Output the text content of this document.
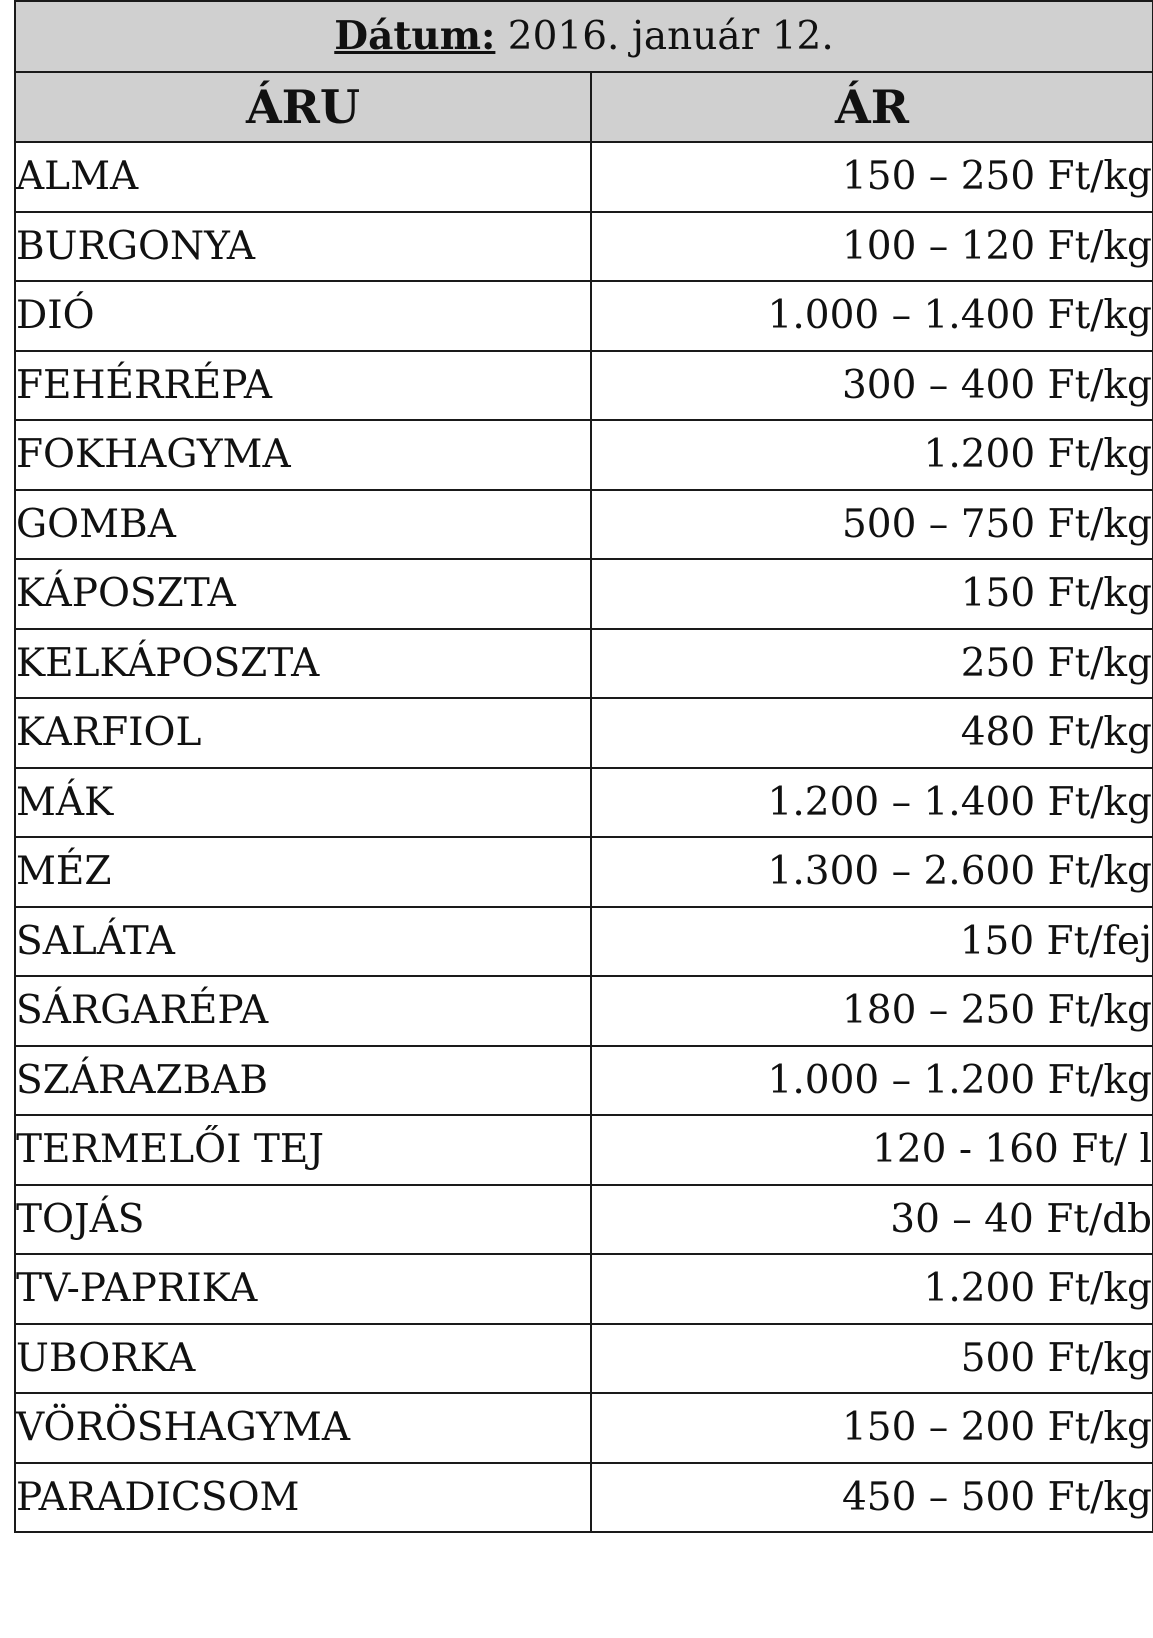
Dátum: 2016. január 12.	
ÁRU	ÁR
ALMA	150 – 250 Ft/kg
BURGONYA	100 – 120 Ft/kg
DIÓ	1.000 – 1.400 Ft/kg
FEHÉRRÉPA	300 – 400 Ft/kg
FOKHAGYMA	1.200 Ft/kg
GOMBA	500 – 750 Ft/kg
KÁPOSZTA	150 Ft/kg
KELKÁPOSZTA	250 Ft/kg
KARFIOL	480 Ft/kg
MÁK	1.200 – 1.400 Ft/kg
MÉZ	1.300 – 2.600 Ft/kg
SALÁTA	150 Ft/fej
SÁRGARÉPA	180 – 250 Ft/kg
SZÁRAZBAB	1.000 – 1.200 Ft/kg
TERMELŐI TEJ	120 - 160 Ft/ l
TOJÁS	30 – 40 Ft/db
TV-PAPRIKA	1.200 Ft/kg
UBORKA	500 Ft/kg
VÖRÖSHAGYMA	150 – 200 Ft/kg
PARADICSOM	450 – 500 Ft/kg
